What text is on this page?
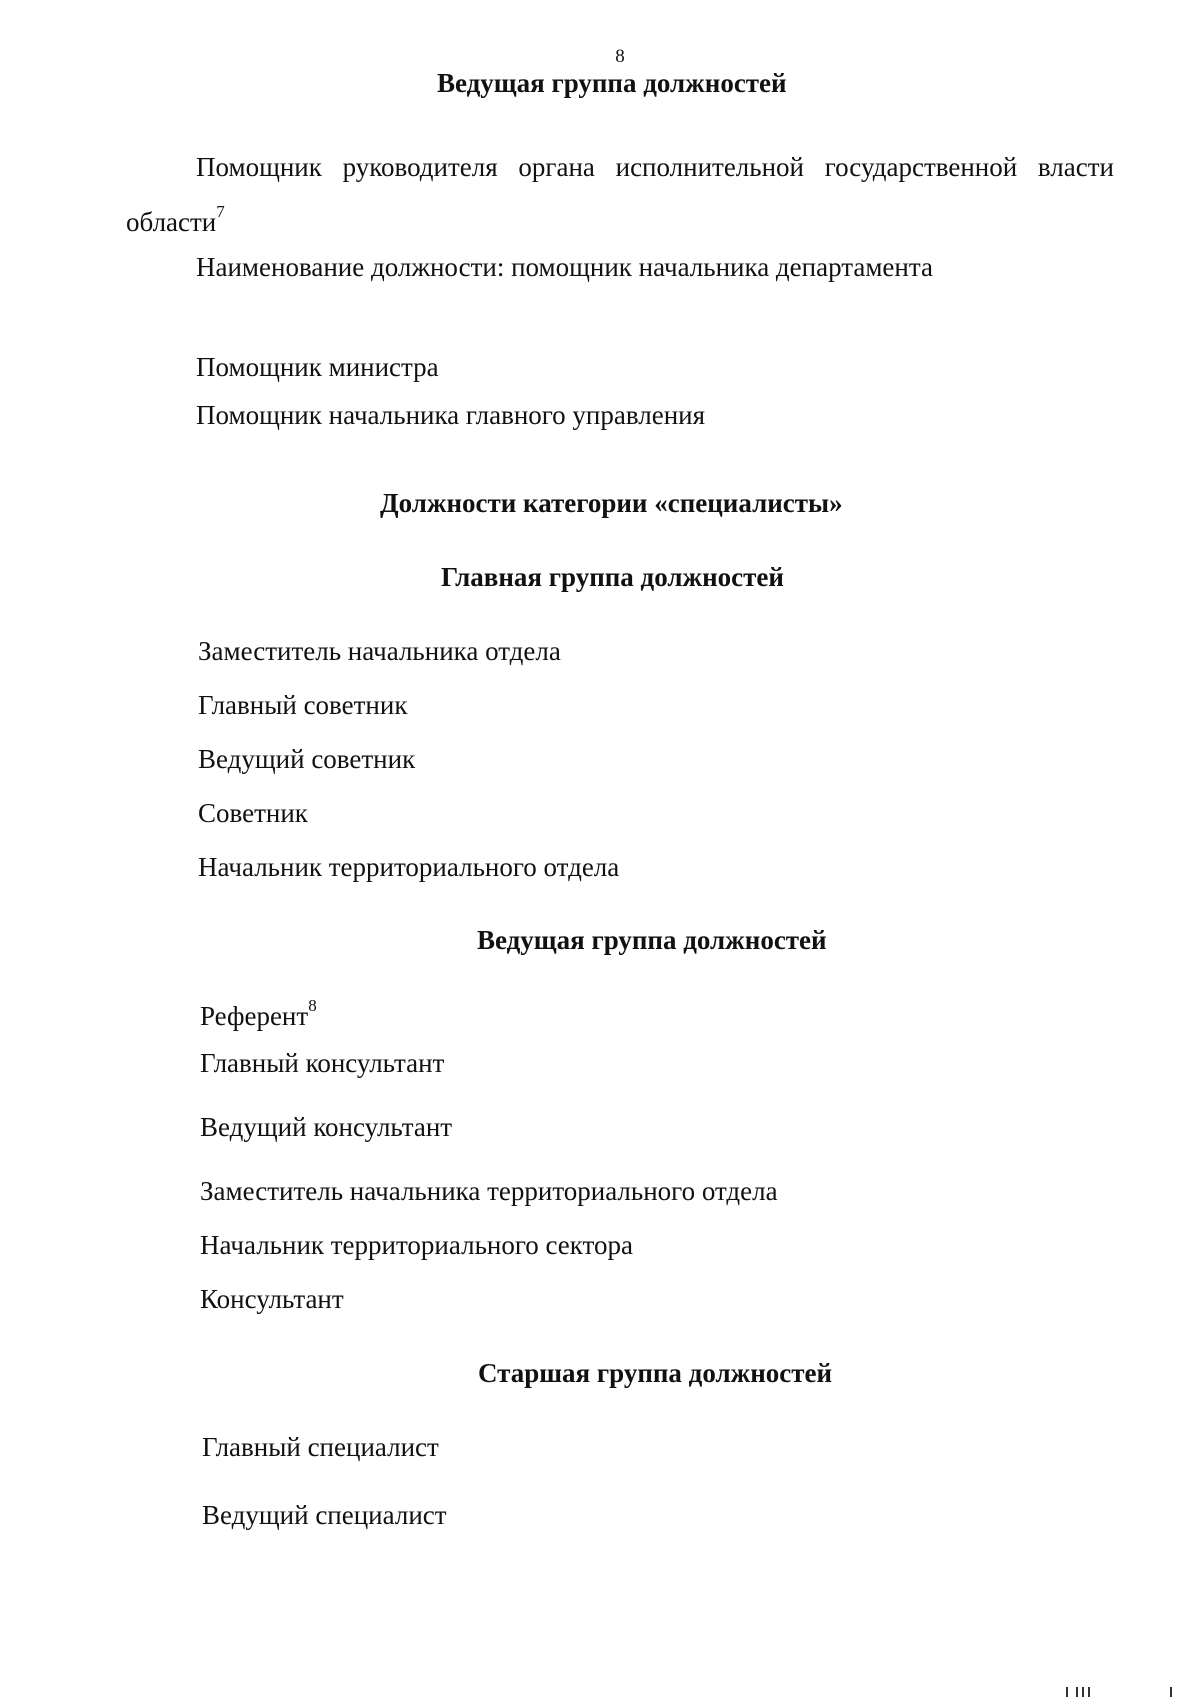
8
Ведущая группа должностей
Помощник руководителя органа исполнительной государственной власти
области$^7$
Наименование должности: помощник начальника департамента
Помощник министра
Помощник начальника главного управления
Должности категории «специалисты»
Главная группа должностей
Заместитель начальника отдела
Главный советник
Ведущий советник
Советник
Начальник территориального отдела
Ведущая группа должностей
Референт$^8$
Главный консультант
Ведущий консультант
Заместитель начальника территориального отдела
Начальник территориального сектора
Консультант
Старшая группа должностей
Главный специалист
Ведущий специалист
